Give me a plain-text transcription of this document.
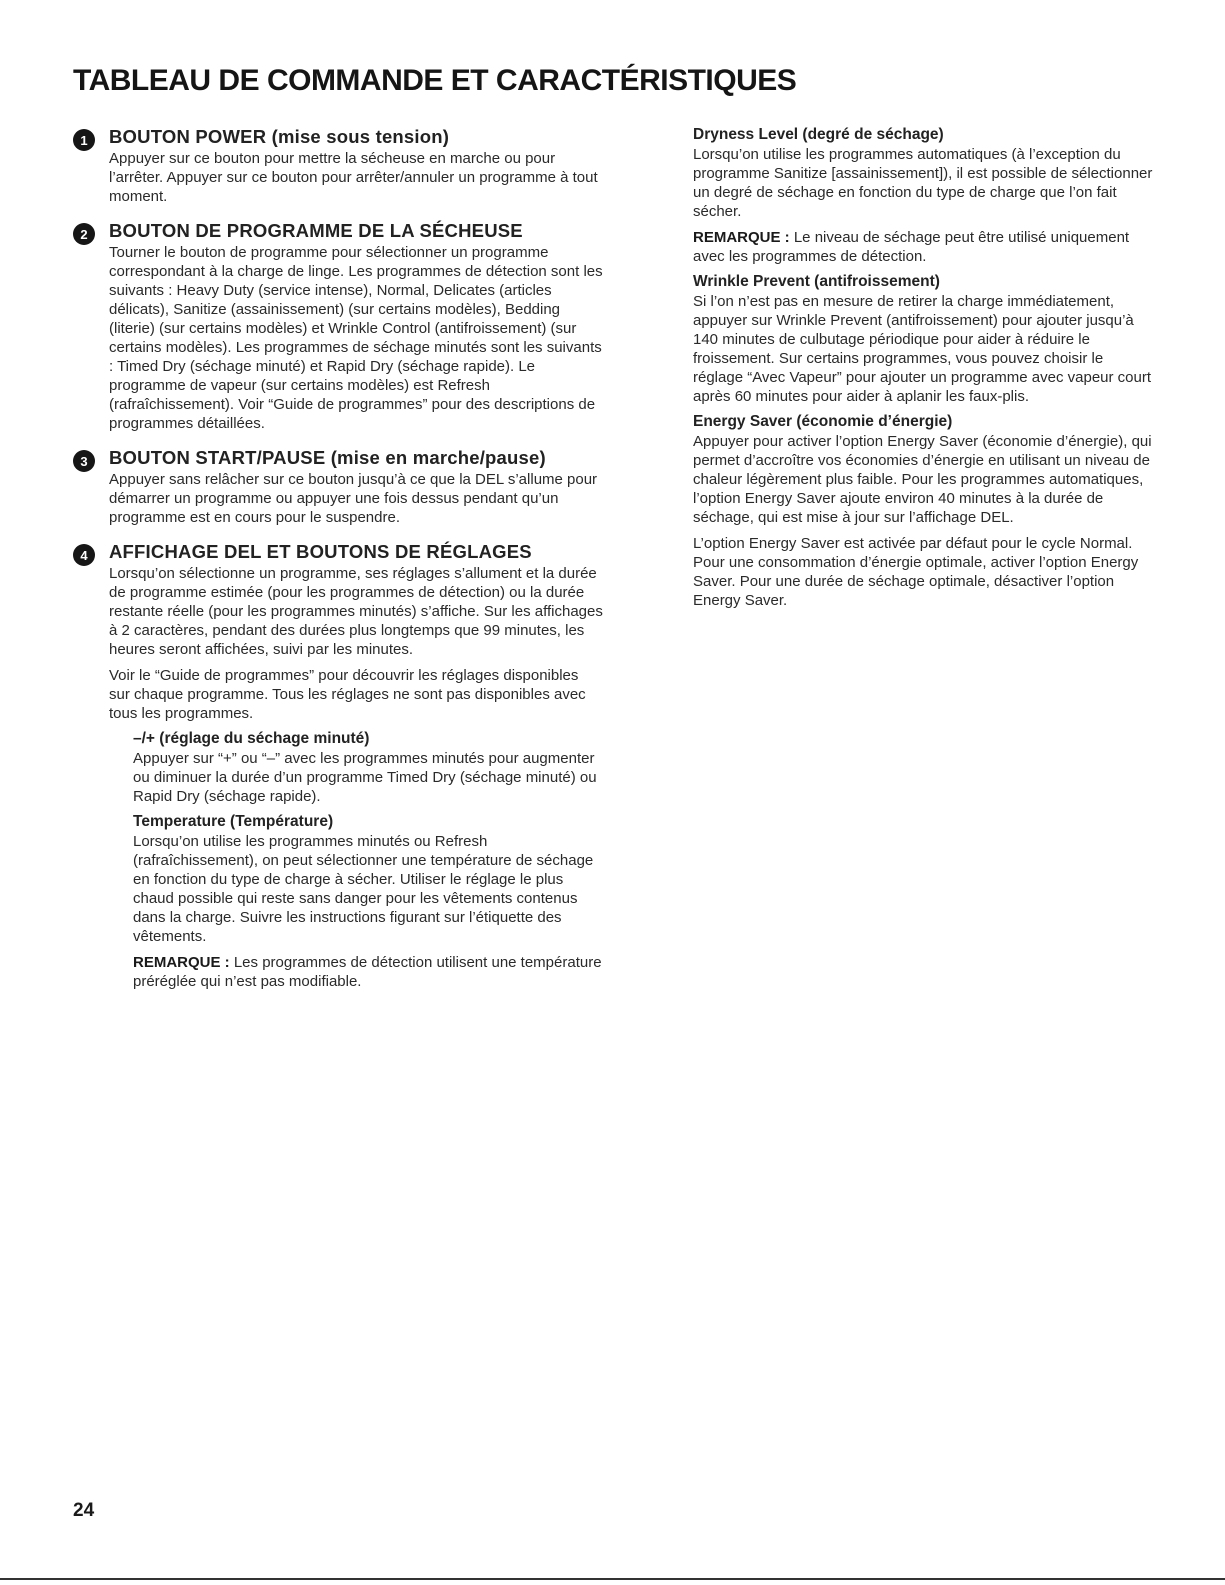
TABLEAU DE COMMANDE ET CARACTÉRISTIQUES
1	BOUTON POWER (mise sous tension)

Appuyer sur ce bouton pour mettre la sécheuse en marche ou pour l’arrêter. Appuyer sur ce bouton pour arrêter/annuler un programme à tout moment.

2	BOUTON DE PROGRAMME DE LA SÉCHEUSE

Tourner le bouton de programme pour sélectionner un programme correspondant à la charge de linge. Les programmes de détection sont les suivants : Heavy Duty (service intense), Normal, Delicates (articles délicats), Sanitize (assainissement) (sur certains modèles), Bedding (literie) (sur certains modèles) et Wrinkle Control (antifroissement) (sur certains modèles). Les programmes de séchage minutés sont les suivants : Timed Dry (séchage minuté) et Rapid Dry (séchage rapide). Le programme de vapeur (sur certains modèles) est Refresh (rafraîchissement). Voir “Guide de programmes” pour des descriptions de programmes détaillées.

3	BOUTON START/PAUSE (mise en marche/pause)

Appuyer sans relâcher sur ce bouton jusqu’à ce que la DEL s’allume pour démarrer un programme ou appuyer une fois dessus pendant qu’un programme est en cours pour le suspendre.

4	AFFICHAGE DEL ET BOUTONS DE RÉGLAGES

Lorsqu’on sélectionne un programme, ses réglages s’allument et la durée de programme estimée (pour les programmes de détection) ou la durée restante réelle (pour les programmes minutés) s’affiche. Sur les affichages à 2 caractères, pendant des durées plus longtemps que 99 minutes, les heures seront affichées, suivi par les minutes.

Voir le “Guide de programmes” pour découvrir les réglages disponibles sur chaque programme. Tous les réglages ne sont pas disponibles avec tous les programmes.

–/+ (réglage du séchage minuté)

Appuyer sur “+” ou “–” avec les programmes minutés pour augmenter ou diminuer la durée d’un programme Timed Dry (séchage minuté) ou Rapid Dry (séchage rapide).

Temperature (Température)

Lorsqu’on utilise les programmes minutés ou Refresh (rafraîchissement), on peut sélectionner une température de séchage en fonction du type de charge à sécher. Utiliser le réglage le plus chaud possible qui reste sans danger pour les vêtements contenus dans la charge. Suivre les instructions figurant sur l’étiquette des vêtements.

REMARQUE : Les programmes de détection utilisent une température préréglée qui n’est pas modifiable.

Dryness Level (degré de séchage)

Lorsqu’on utilise les programmes automatiques (à l’exception du programme Sanitize [assainissement]), il est possible de sélectionner un degré de séchage en fonction du type de charge que l’on fait sécher.

REMARQUE : Le niveau de séchage peut être utilisé uniquement avec les programmes de détection.

Wrinkle Prevent (antifroissement)

Si l’on n’est pas en mesure de retirer la charge immédiatement, appuyer sur Wrinkle Prevent (antifroissement) pour ajouter jusqu’à 140 minutes de culbutage périodique pour aider à réduire le froissement. Sur certains programmes, vous pouvez choisir le réglage “Avec Vapeur” pour ajouter un programme avec vapeur court après 60 minutes pour aider à aplanir les faux-plis.

Energy Saver (économie d’énergie)

Appuyer pour activer l’option Energy Saver (économie d’énergie), qui permet d’accroître vos économies d’énergie en utilisant un niveau de chaleur légèrement plus faible. Pour les programmes automatiques, l’option Energy Saver ajoute environ 40 minutes à la durée de séchage, qui est mise à jour sur l’affichage DEL.

L’option Energy Saver est activée par défaut pour le cycle Normal. Pour une consommation d’énergie optimale, activer l’option Energy Saver. Pour une durée de séchage optimale, désactiver l’option Energy Saver.

24
